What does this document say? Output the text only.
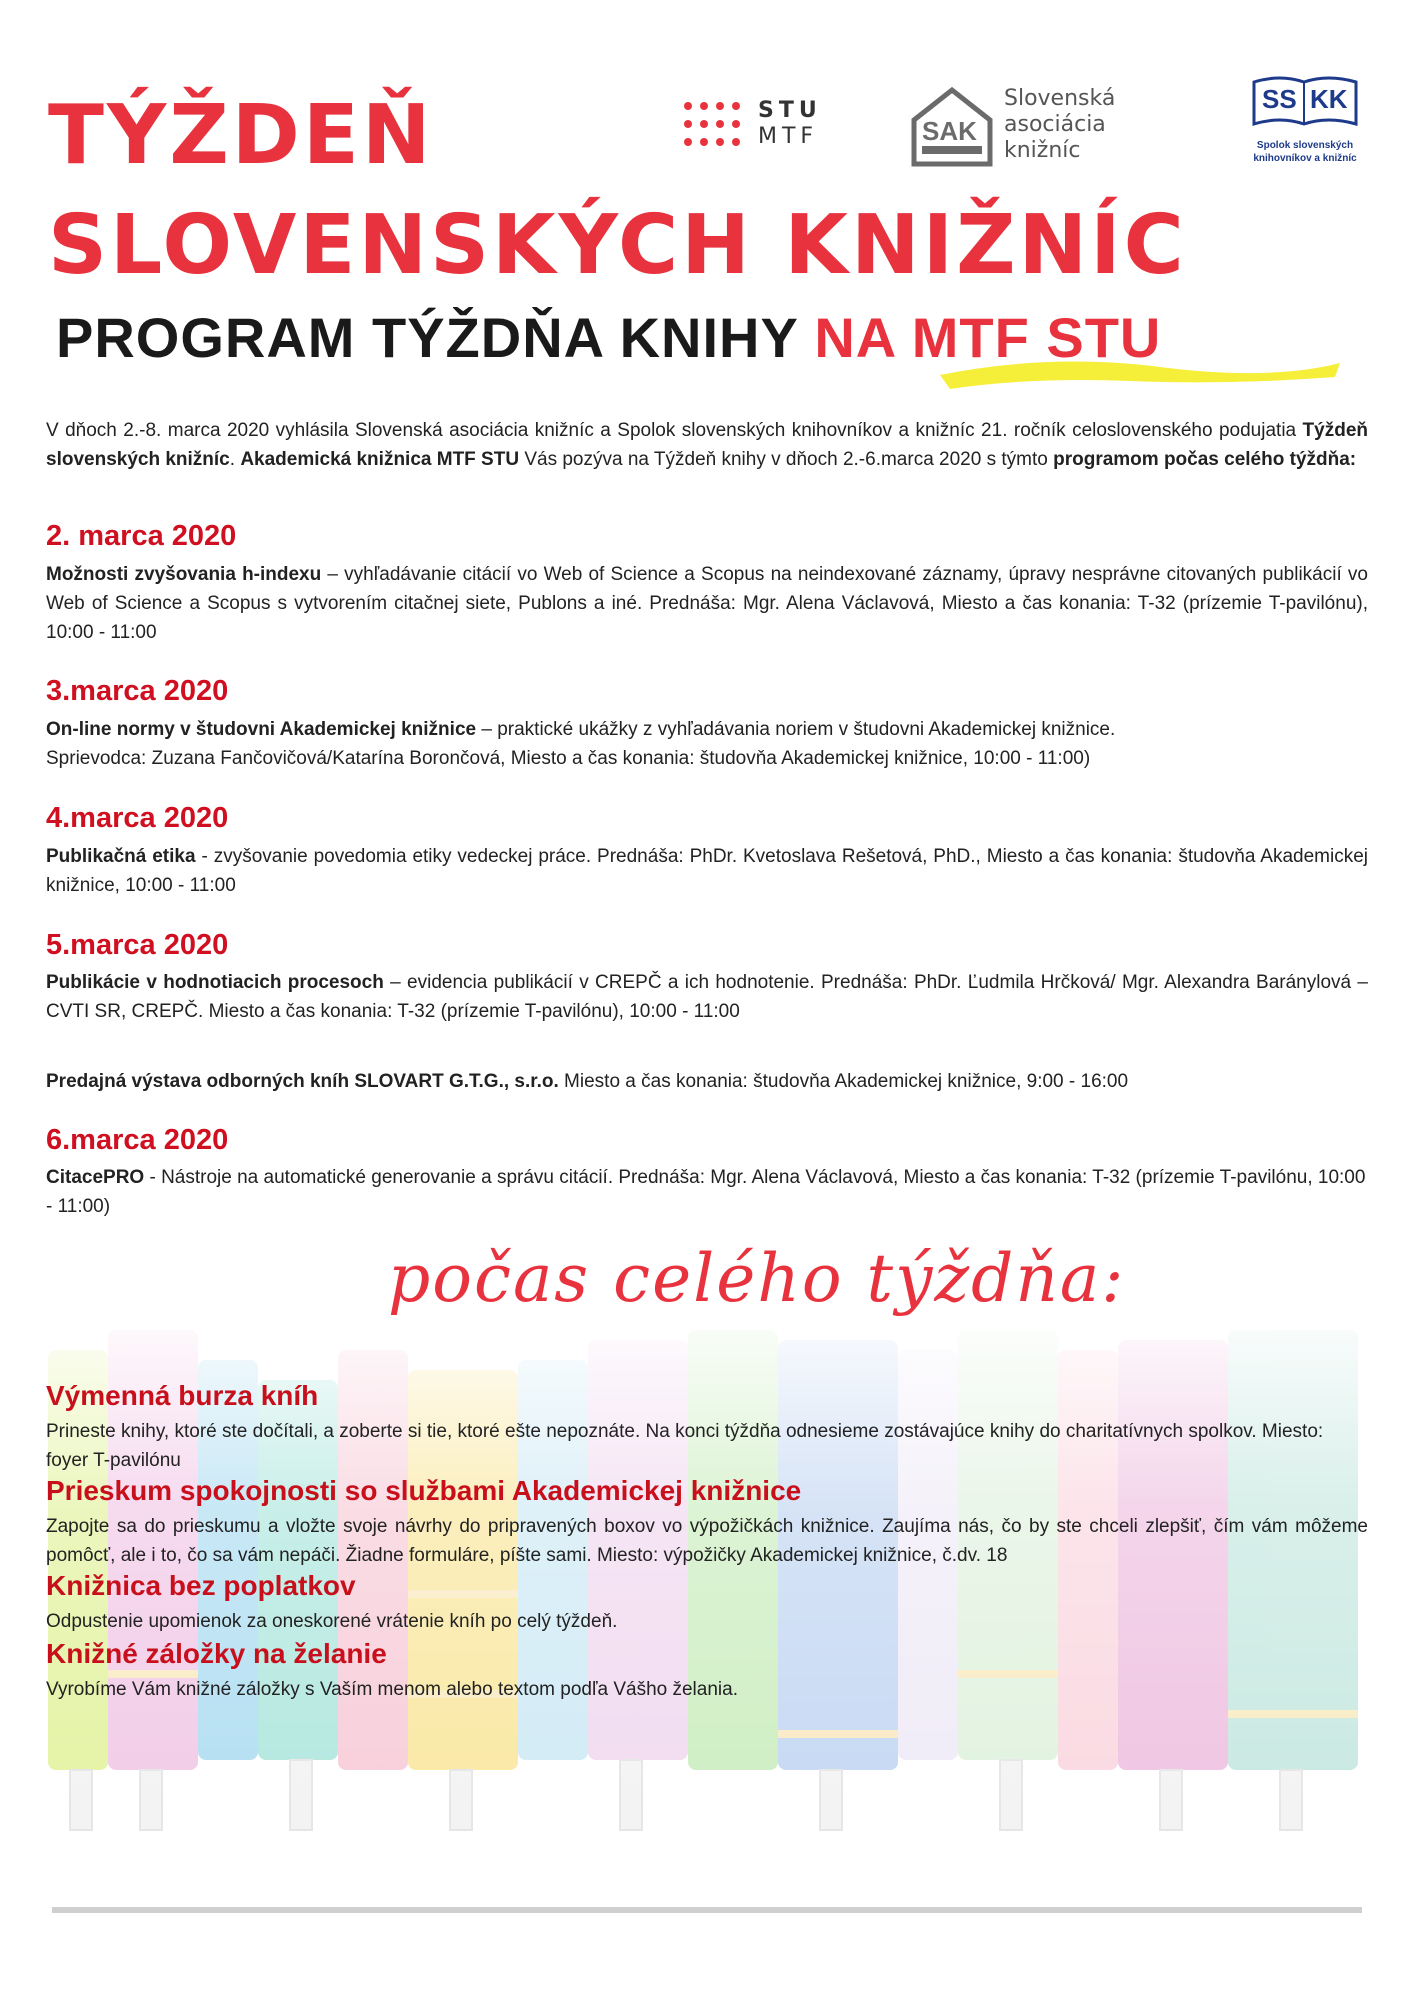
TÝŽDEŇ
SLOVENSKÝCH KNIŽNÍC
PROGRAM TÝŽDŇA KNIHY NA MTF STU
STU
MTF	SAK
Slovenská
asociácia
knižníc
SS KK
Spolok slovenských
knihovníkov a knižníc
V dňoch 2.-8. marca 2020 vyhlásila Slovenská asociácia knižníc a Spolok slovenských knihovníkov a knižníc 21. ročník celoslovenského podujatia Týždeň slovenských knižníc. Akademická knižnica MTF STU Vás pozýva na Týždeň knihy v dňoch 2.-6.marca 2020 s týmto programom počas celého týždňa:
2. marca 2020
Možnosti zvyšovania h-indexu – vyhľadávanie citácií vo Web of Science a Scopus na neindexované záznamy, úpravy nesprávne citovaných publikácií vo Web of Science a Scopus s vytvorením citačnej siete, Publons a iné. Prednáša: Mgr. Alena Václavová, Miesto a čas konania: T-32 (prízemie T-pavilónu), 10:00 - 11:00
3.marca 2020
On-line normy v študovni Akademickej knižnice – praktické ukážky z vyhľadávania noriem v študovni Akademickej knižnice.
Sprievodca: Zuzana Fančovičová/Katarína Borončová, Miesto a čas konania: študovňa Akademickej knižnice, 10:00 - 11:00)
4.marca 2020
Publikačná etika - zvyšovanie povedomia etiky vedeckej práce. Prednáša: PhDr. Kvetoslava Rešetová, PhD., Miesto a čas konania: študovňa Akademickej knižnice, 10:00 - 11:00
5.marca 2020
Publikácie v hodnotiacich procesoch – evidencia publikácií v CREPČ a ich hodnotenie. Prednáša: PhDr. Ľudmila Hrčková/ Mgr. Alexandra Baránylová – CVTI SR, CREPČ. Miesto a čas konania: T-32 (prízemie T-pavilónu), 10:00 - 11:00
Predajná výstava odborných kníh SLOVART G.T.G., s.r.o. Miesto a čas konania: študovňa Akademickej knižnice, 9:00 - 16:00
6.marca 2020
CitacePRO - Nástroje na automatické generovanie a správu citácií. Prednáša: Mgr. Alena Václavová, Miesto a čas konania: T-32 (prízemie T-pavilónu, 10:00 - 11:00)
počas celého týždňa:
Výmenná burza kníh
Prineste knihy, ktoré ste dočítali, a zoberte si tie, ktoré ešte nepoznáte. Na konci týždňa odnesieme zostávajúce knihy do charitatívnych spolkov. Miesto: foyer T-pavilónu
Prieskum spokojnosti so službami Akademickej knižnice
Zapojte sa do prieskumu a vložte svoje návrhy do pripravených boxov vo výpožičkách knižnice. Zaujíma nás, čo by ste chceli zlepšiť, čím vám môžeme pomôcť, ale i to, čo sa vám nepáči. Žiadne formuláre, píšte sami. Miesto: výpožičky Akademickej knižnice, č.dv. 18
Knižnica bez poplatkov
Odpustenie upomienok za oneskorené vrátenie kníh po celý týždeň.
Knižné záložky na želanie
Vyrobíme Vám knižné záložky s Vaším menom alebo textom podľa Vášho želania.
